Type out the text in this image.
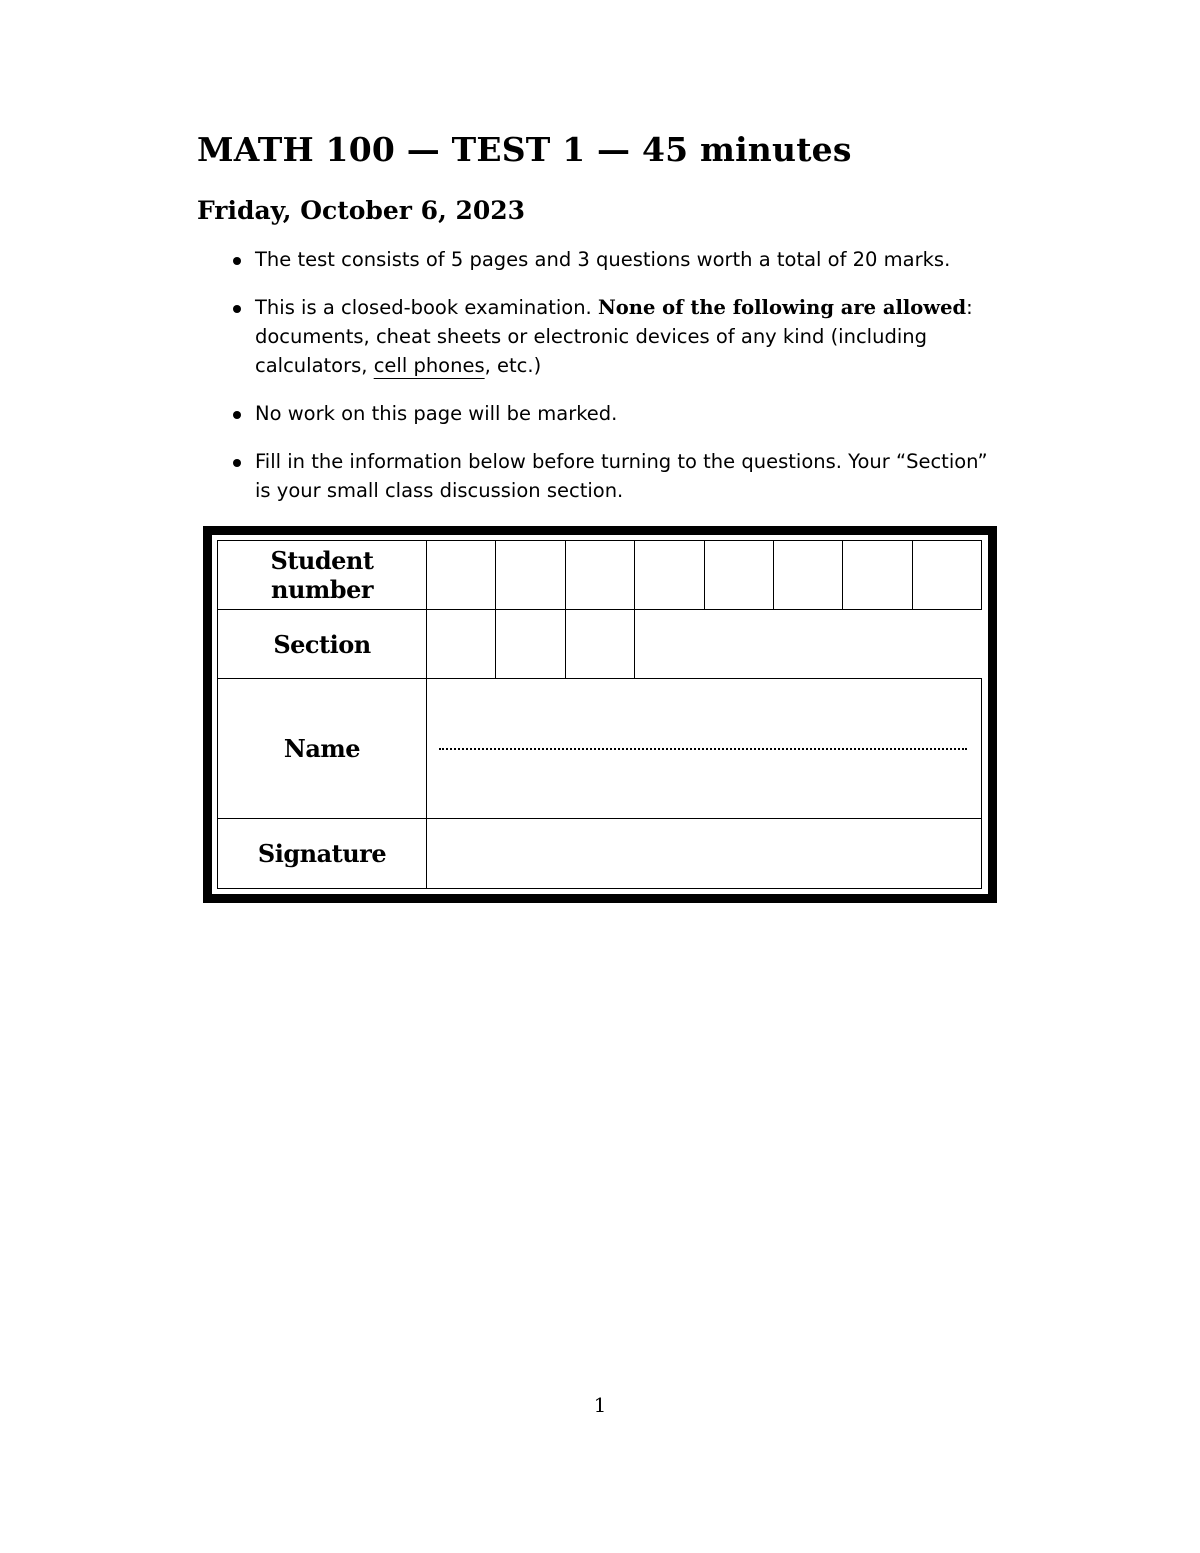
MATH 100 — TEST 1 — 45 minutes
Friday, October 6, 2023
The test consists of 5 pages and 3 questions worth a total of 20 marks.
This is a closed-book examination. None of the following are allowed: documents, cheat sheets or electronic devices of any kind (including calculators, cell phones, etc.)
No work on this page will be marked.
Fill in the information below before turning to the questions. Your “Section” is your small class discussion section.
Student number								
Section								
Name								

Signature								
1
